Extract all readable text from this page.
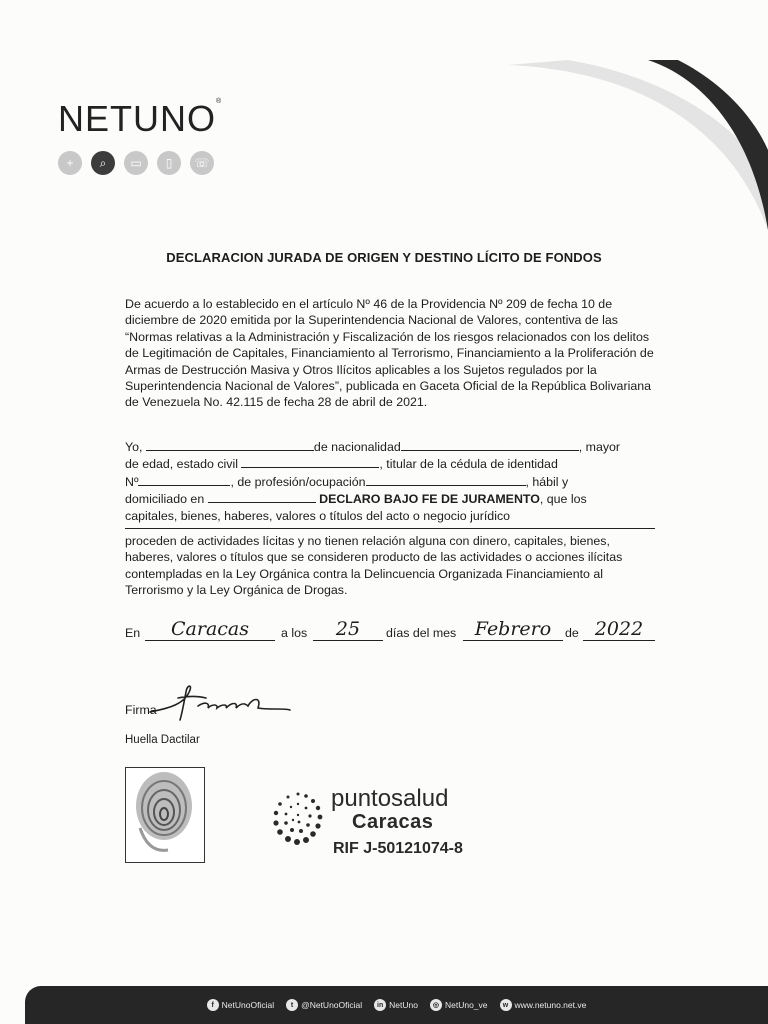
NETUNO®
+	⌕	▭	▯	☏
DECLARACION JURADA DE ORIGEN Y DESTINO LÍCITO DE FONDOS
De acuerdo a lo establecido en el artículo Nº 46 de la Providencia Nº 209 de fecha 10 de diciembre de 2020 emitida por la Superintendencia Nacional de Valores, contentiva de las “Normas relativas a la Administración y Fiscalización de los riesgos relacionados con los delitos de Legitimación de Capitales, Financiamiento al Terrorismo, Financiamiento a la Proliferación de Armas de Destrucción Masiva y Otros Ilícitos aplicables a los Sujetos regulados por la Superintendencia Nacional de Valores”, publicada en Gaceta Oficial de la República Bolivariana de Venezuela No. 42.115 de fecha 28 de abril de 2021.
Yo,	de nacionalidad	, mayor
de edad, estado civil	, titular de la cédula de identidad
Nº	, de profesión/ocupación	, hábil y
domiciliado en	DECLARO BAJO FE DE JURAMENTO, que los
capitales, bienes, haberes, valores o títulos del acto o negocio jurídico
proceden de actividades lícitas y no tienen relación alguna con dinero, capitales, bienes, haberes, valores o títulos que se consideren producto de las actividades o acciones ilícitas contempladas en la Ley Orgánica contra la Delincuencia Organizada Financiamiento al Terrorismo y la Ley Orgánica de Drogas.
En	Caracas	a los	25	días del mes Febrero	de 2022
Firma
Huella Dactilar
puntosalud
Caracas
RIF J-50121074-8
f NetUnoOficial	t @NetUnoOficial	in NetUno	◎ NetUno_ve	w www.netuno.net.ve
